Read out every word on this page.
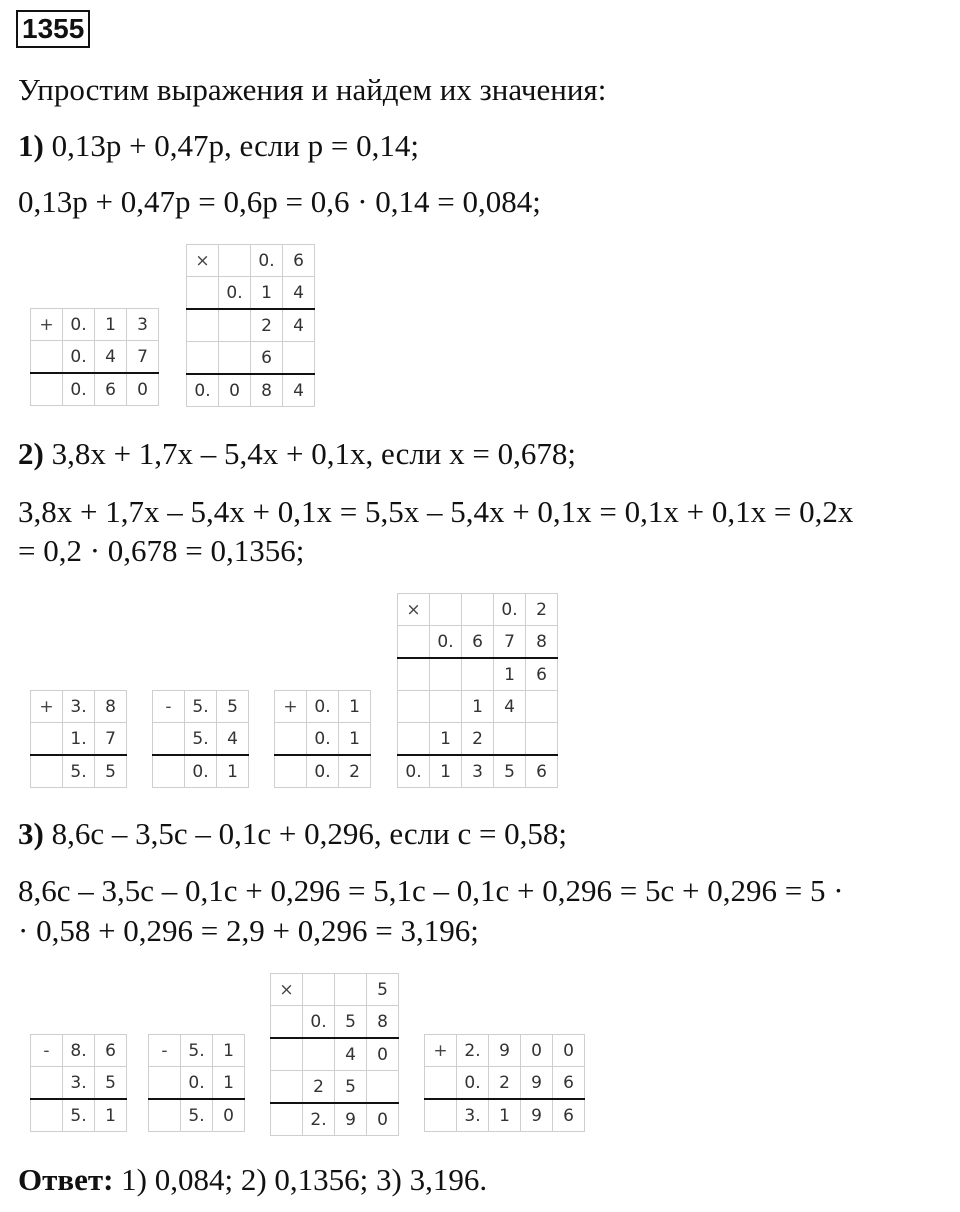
1355
Упростим выражения и найдем их значения:
1) 0,13p + 0,47p, если p = 0,14;
0,13p + 0,47p = 0,6p = 0,6 · 0,14 = 0,084;
+	0.	1	3
	0.	4	7
	0.	6	0
×		0.	6
	0.	1	4
		2	4
		6	
0.	0	8	4
2) 3,8x + 1,7x – 5,4x + 0,1x, если x = 0,678;
3,8x + 1,7x – 5,4x + 0,1x = 5,5x – 5,4x + 0,1x = 0,1x + 0,1x = 0,2x
= 0,2 · 0,678 = 0,1356;
+	3.	8
	1.	7
	5.	5
-	5.	5
	5.	4
	0.	1
+	0.	1
	0.	1
	0.	2
×			0.	2
	0.	6	7	8
			1	6
		1	4	
	1	2		
0.	1	3	5	6
3) 8,6c – 3,5c – 0,1c + 0,296, если c = 0,58;
8,6c – 3,5c – 0,1c + 0,296 = 5,1c – 0,1c + 0,296 = 5c + 0,296 = 5 ·
· 0,58 + 0,296 = 2,9 + 0,296 = 3,196;
-	8.	6
	3.	5
	5.	1
-	5.	1
	0.	1
	5.	0
×			5
	0.	5	8
		4	0
	2	5	
	2.	9	0
+	2.	9	0	0
	0.	2	9	6
	3.	1	9	6
Ответ: 1) 0,084; 2) 0,1356; 3) 3,196.
